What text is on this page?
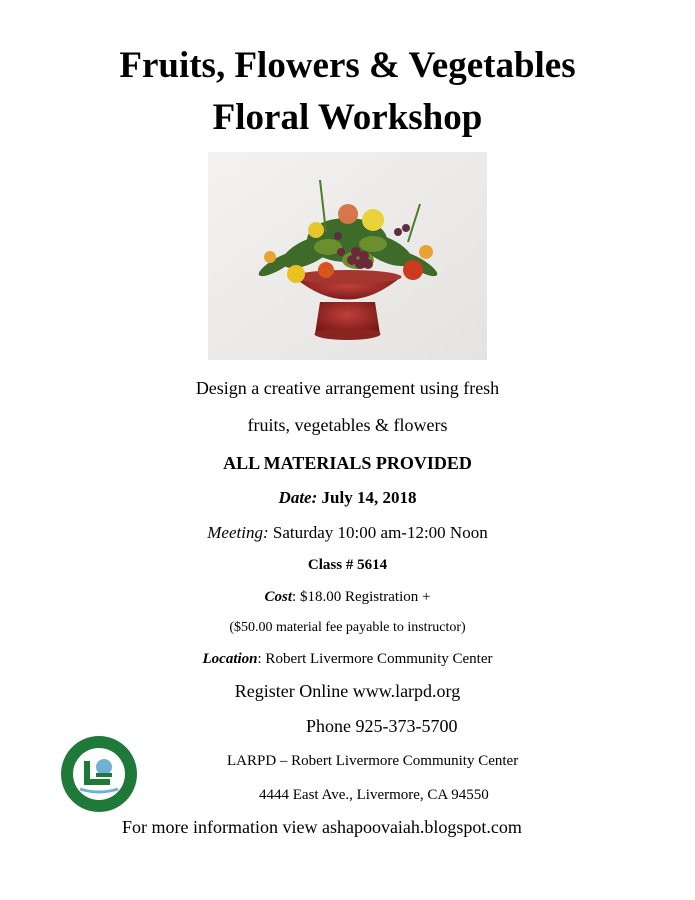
Fruits, Flowers & Vegetables
Floral Workshop
Design a creative arrangement using fresh
fruits, vegetables & flowers
ALL MATERIALS PROVIDED
Date: July 14, 2018
Meeting: Saturday 10:00 am-12:00 Noon
Class # 5614
Cost: $18.00 Registration +
($50.00 material fee payable to instructor)
Location: Robert Livermore Community Center
Register Online www.larpd.org
Phone 925-373-5700
LARPD – Robert Livermore Community Center
4444 East Ave., Livermore, CA 94550
For more information view ashapoovaiah.blogspot.com
